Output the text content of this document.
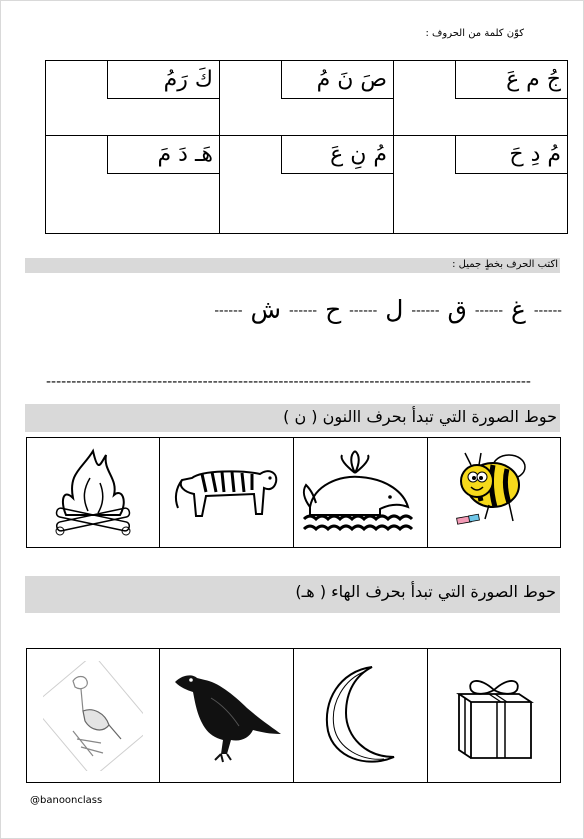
كوّن كلمة من الحروف :
كَ رَمُ	صَ نَ مُ	جُ م عَ

هَـ دَ مَ	مُ نِ عَ	مُ دِ حَ
اكتب الحرف بخطٍ جميل :
------ غ ------ ق ------ ل ------ ح ------ ش ------
------------------------------------------------------------------------------------------------
حوط الصورة التي تبدأ بحرف االنون ( ن )

حوط الصورة التي تبدأ بحرف الهاء ( هـ)

@banoonclass
